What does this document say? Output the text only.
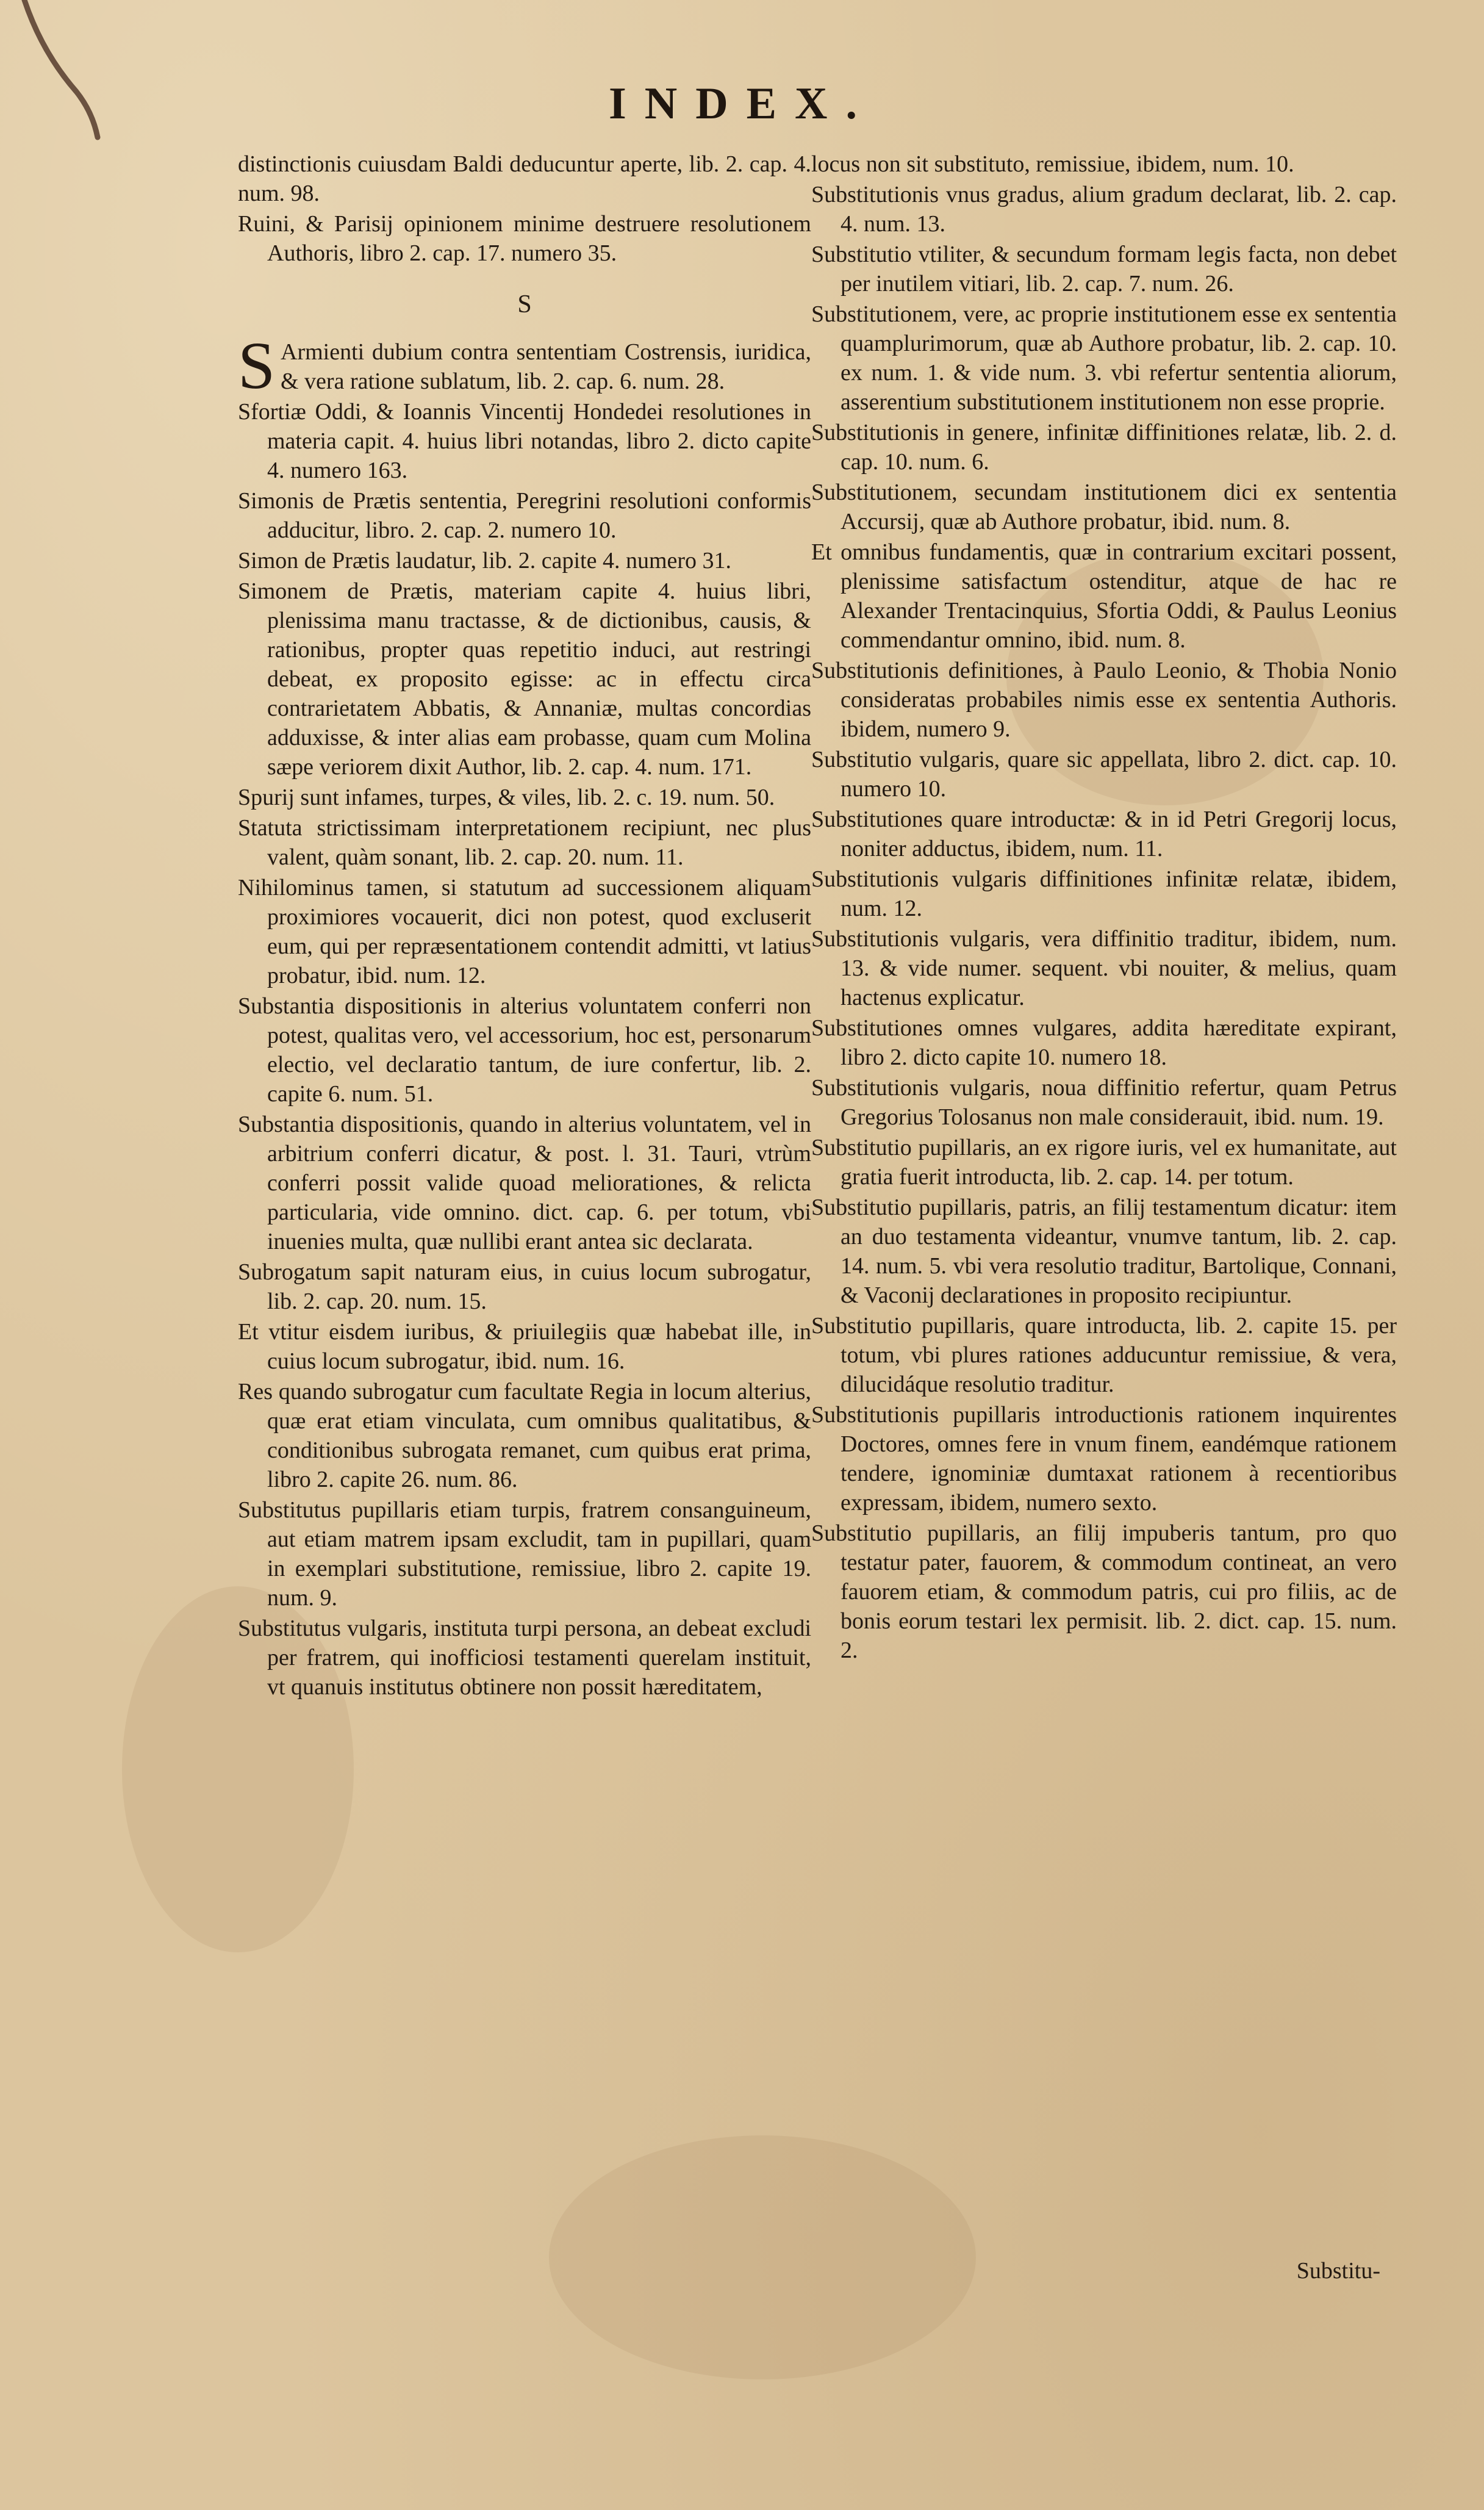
INDEX.

distinctionis cuiusdam Baldi deducuntur aperte, lib. 2. cap. 4. num. 98.

Ruini, & Parisij opinionem minime destruere resolutionem Authoris, libro 2. cap. 17. numero 35.

S

S Armienti dubium contra sententiam Costrensis, iuridica, & vera ratione sublatum, lib. 2. cap. 6. num. 28.

Sfortiæ Oddi, & Ioannis Vincentij Hondedei resolutiones in materia capit. 4. huius libri notandas, libro 2. dicto capite 4. numero 163.

Simonis de Prætis sententia, Peregrini resolutioni conformis adducitur, libro. 2. cap. 2. numero 10.

Simon de Prætis laudatur, lib. 2. capite 4. numero 31.

Simonem de Prætis, materiam capite 4. huius libri, plenissima manu tractasse, & de dictionibus, causis, & rationibus, propter quas repetitio induci, aut restringi debeat, ex proposito egisse: ac in effectu circa contrarietatem Abbatis, & Annaniæ, multas concordias adduxisse, & inter alias eam probasse, quam cum Molina sæpe veriorem dixit Author, lib. 2. cap. 4. num. 171.

Spurij sunt infames, turpes, & viles, lib. 2. c. 19. num. 50.

Statuta strictissimam interpretationem recipiunt, nec plus valent, quàm sonant, lib. 2. cap. 20. num. 11.

Nihilominus tamen, si statutum ad successionem aliquam proximiores vocauerit, dici non potest, quod excluserit eum, qui per repræsentationem contendit admitti, vt latius probatur, ibid. num. 12.

Substantia dispositionis in alterius voluntatem conferri non potest, qualitas vero, vel accessorium, hoc est, personarum electio, vel declaratio tantum, de iure confertur, lib. 2. capite 6. num. 51.

Substantia dispositionis, quando in alterius voluntatem, vel in arbitrium conferri dicatur, & post. l. 31. Tauri, vtrùm conferri possit valide quoad meliorationes, & relicta particularia, vide omnino. dict. cap. 6. per totum, vbi inuenies multa, quæ nullibi erant antea sic declarata.

Subrogatum sapit naturam eius, in cuius locum subrogatur, lib. 2. cap. 20. num. 15.

Et vtitur eisdem iuribus, & priuilegiis quæ habebat ille, in cuius locum subrogatur, ibid. num. 16.

Res quando subrogatur cum facultate Regia in locum alterius, quæ erat etiam vinculata, cum omnibus qualitatibus, & conditionibus subrogata remanet, cum quibus erat prima, libro 2. capite 26. num. 86.

Substitutus pupillaris etiam turpis, fratrem consanguineum, aut etiam matrem ipsam excludit, tam in pupillari, quam in exemplari substitutione, remissiue, libro 2. capite 19. num. 9.

Substitutus vulgaris, instituta turpi persona, an debeat excludi per fratrem, qui inofficiosi testamenti querelam instituit, vt quanuis institutus obtinere non possit hæreditatem,

locus non sit substituto, remissiue, ibidem, num. 10.

Substitutionis vnus gradus, alium gradum declarat, lib. 2. cap. 4. num. 13.

Substitutio vtiliter, & secundum formam legis facta, non debet per inutilem vitiari, lib. 2. cap. 7. num. 26.

Substitutionem, vere, ac proprie institutionem esse ex sententia quamplurimorum, quæ ab Authore probatur, lib. 2. cap. 10. ex num. 1. & vide num. 3. vbi refertur sententia aliorum, asserentium substitutionem institutionem non esse proprie.

Substitutionis in genere, infinitæ diffinitiones relatæ, lib. 2. d. cap. 10. num. 6.

Substitutionem, secundam institutionem dici ex sententia Accursij, quæ ab Authore probatur, ibid. num. 8.

Et omnibus fundamentis, quæ in contrarium excitari possent, plenissime satisfactum ostenditur, atque de hac re Alexander Trentacinquius, Sfortia Oddi, & Paulus Leonius commendantur omnino, ibid. num. 8.

Substitutionis definitiones, à Paulo Leonio, & Thobia Nonio consideratas probabiles nimis esse ex sententia Authoris. ibidem, numero 9.

Substitutio vulgaris, quare sic appellata, libro 2. dict. cap. 10. numero 10.

Substitutiones quare introductæ: & in id Petri Gregorij locus, noniter adductus, ibidem, num. 11.

Substitutionis vulgaris diffinitiones infinitæ relatæ, ibidem, num. 12.

Substitutionis vulgaris, vera diffinitio traditur, ibidem, num. 13. & vide numer. sequent. vbi nouiter, & melius, quam hactenus explicatur.

Substitutiones omnes vulgares, addita hæreditate expirant, libro 2. dicto capite 10. numero 18.

Substitutionis vulgaris, noua diffinitio refertur, quam Petrus Gregorius Tolosanus non male considerauit, ibid. num. 19.

Substitutio pupillaris, an ex rigore iuris, vel ex humanitate, aut gratia fuerit introducta, lib. 2. cap. 14. per totum.

Substitutio pupillaris, patris, an filij testamentum dicatur: item an duo testamenta videantur, vnumve tantum, lib. 2. cap. 14. num. 5. vbi vera resolutio traditur, Bartolique, Connani, & Vaconij declarationes in proposito recipiuntur.

Substitutio pupillaris, quare introducta, lib. 2. capite 15. per totum, vbi plures rationes adducuntur remissiue, & vera, dilucidáque resolutio traditur.

Substitutionis pupillaris introductionis rationem inquirentes Doctores, omnes fere in vnum finem, eandémque rationem tendere, ignominiæ dumtaxat rationem à recentioribus expressam, ibidem, numero sexto.

Substitutio pupillaris, an filij impuberis tantum, pro quo testatur pater, fauorem, & commodum contineat, an vero fauorem etiam, & commodum patris, cui pro filiis, ac de bonis eorum testari lex permisit. lib. 2. dict. cap. 15. num. 2.

Substitu-
